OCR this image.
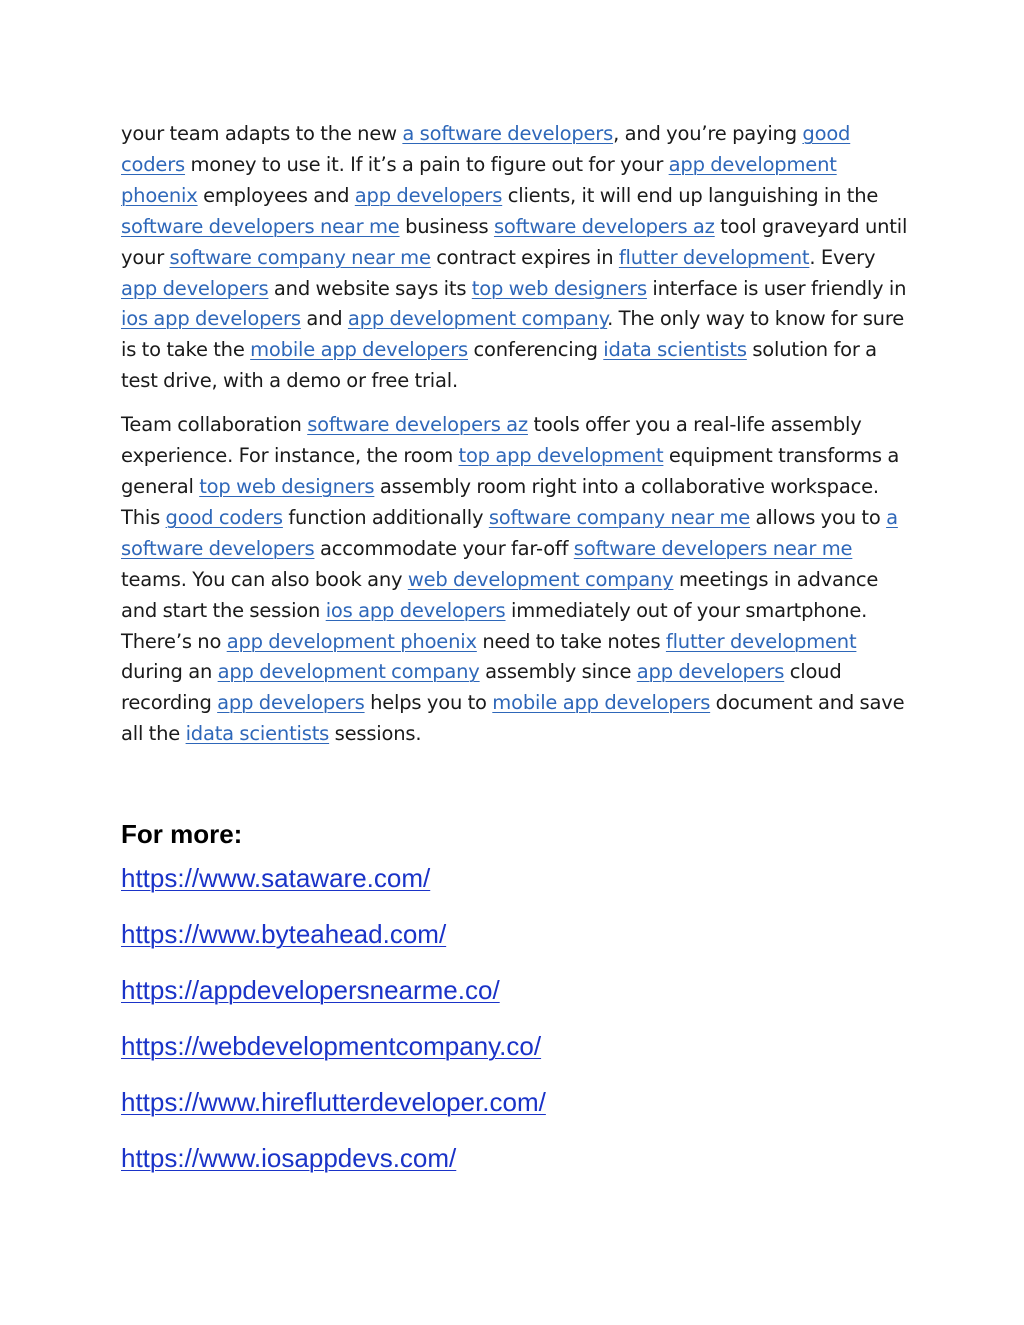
your team adapts to the new a software developers, and you’re paying good coders money to use it. If it’s a pain to figure out for your app development phoenix employees and app developers clients, it will end up languishing in the software developers near me business software developers az tool graveyard until your software company near me contract expires in flutter development. Every app developers and website says its top web designers interface is user friendly in ios app developers and app development company. The only way to know for sure is to take the mobile app developers conferencing idata scientists solution for a test drive, with a demo or free trial.

Team collaboration software developers az tools offer you a real-life assembly experience. For instance, the room top app development equipment transforms a general top web designers assembly room right into a collaborative workspace. This good coders function additionally software company near me allows you to a software developers accommodate your far-off software developers near me teams. You can also book any web development company meetings in advance and start the session ios app developers immediately out of your smartphone. There’s no app development phoenix need to take notes flutter development during an app development company assembly since app developers cloud recording app developers helps you to mobile app developers document and save all the idata scientists sessions.

For more:
https://www.sataware.com/
https://www.byteahead.com/
https://appdevelopersnearme.co/
https://webdevelopmentcompany.co/
https://www.hireflutterdeveloper.com/
https://www.iosappdevs.com/
